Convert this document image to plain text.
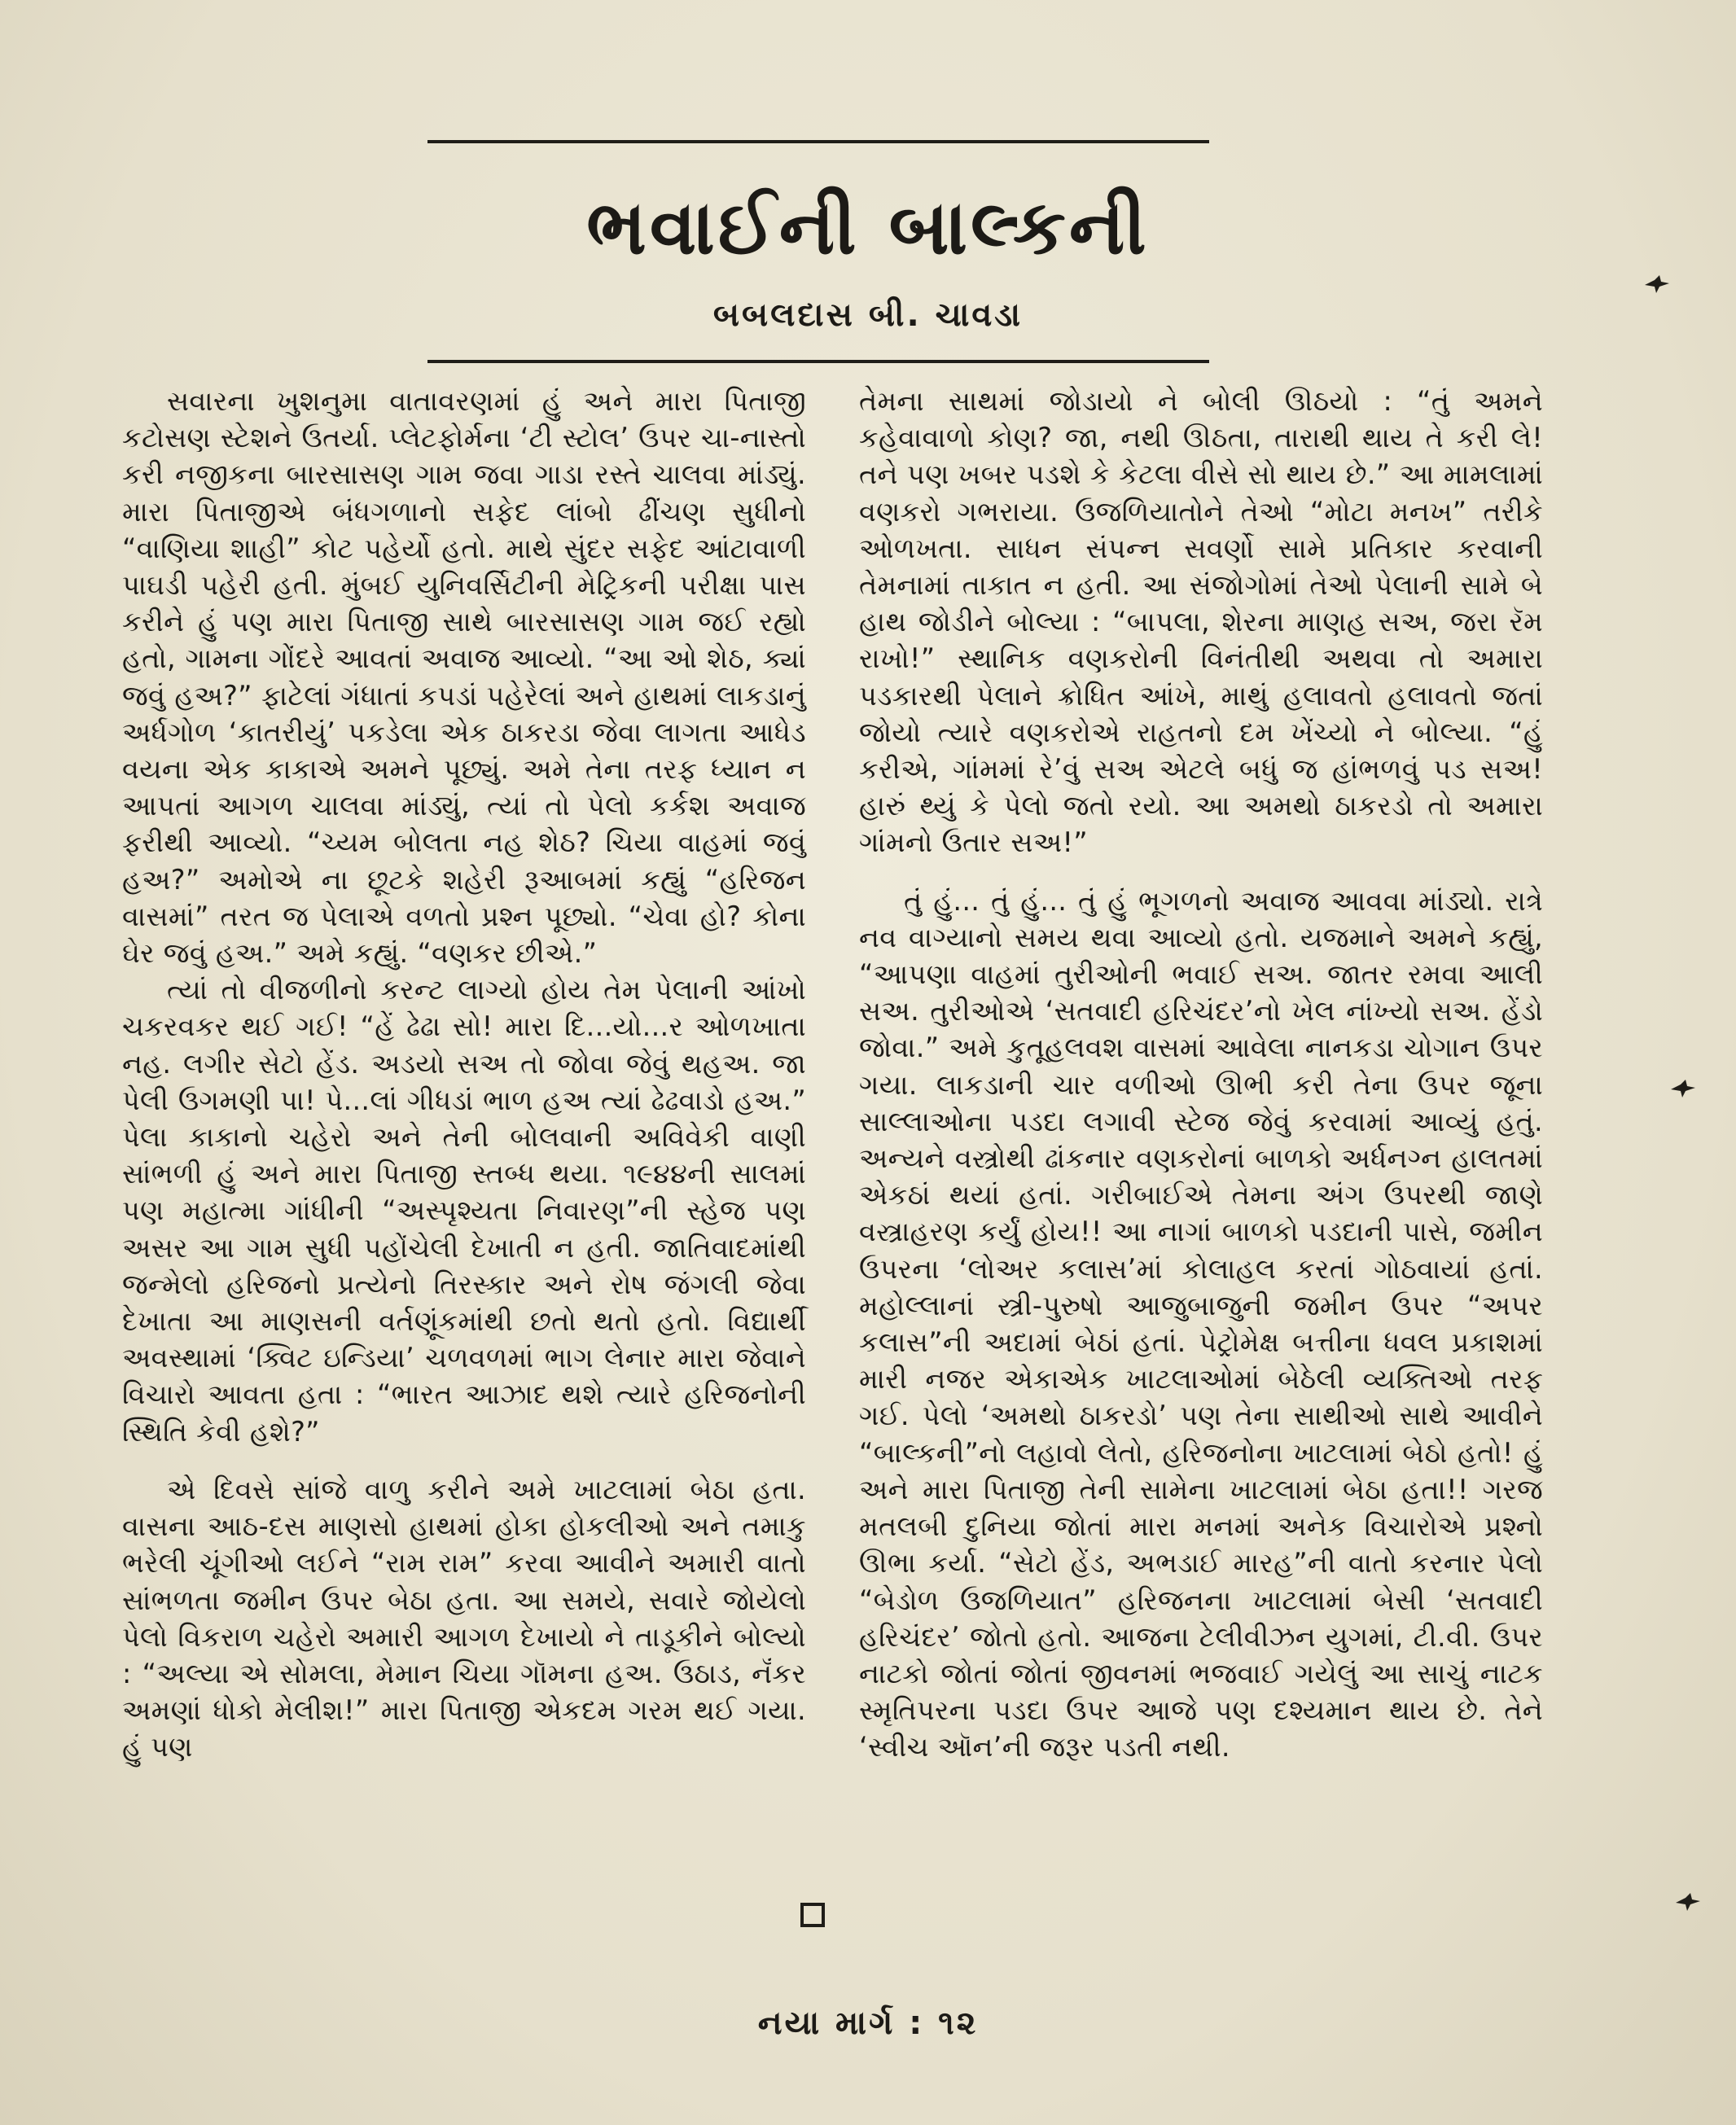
ભવાઈની બાલ્કની
બબલદાસ બી. ચાવડા

સવારના ખુશનુમા વાતાવરણમાં હું અને મારા પિતાજી કટોસણ સ્ટેશને ઉતર્યા. પ્લેટફોર્મના ‘ટી સ્ટોલ’ ઉપર ચા-નાસ્તો કરી નજીકના બારસાસણ ગામ જવા ગાડા રસ્તે ચાલવા માંડ્યું. મારા પિતાજીએ બંધગળાનો સફેદ લાંબો ઢીંચણ સુધીનો “વાણિયા શાહી” કોટ પહેર્યો હતો. માથે સુંદર સફેદ આંટાવાળી પાઘડી પહેરી હતી. મુંબઈ યુનિવર્સિટીની મેટ્રિકની પરીક્ષા પાસ કરીને હું પણ મારા પિતાજી સાથે બારસાસણ ગામ જઈ રહ્યો હતો, ગામના ગોંદરે આવતાં અવાજ આવ્યો. “આ ઓ શેઠ, ક્યાં જવું હઅ?” ફાટેલાં ગંધાતાં કપડાં પહેરેલાં અને હાથમાં લાકડાનું અર્ધગોળ ‘કાતરીયું’ પકડેલા એક ઠાકરડા જેવા લાગતા આધેડ વયના એક કાકાએ અમને પૂછ્યું. અમે તેના તરફ ધ્યાન ન આપતાં આગળ ચાલવા માંડ્યું, ત્યાં તો પેલો કર્કશ અવાજ ફરીથી આવ્યો. “ચ્યમ બોલતા નહ શેઠ? ચિયા વાહમાં જવું હઅ?” અમોએ ના છૂટકે શહેરી રૂઆબમાં કહ્યું “હરિજન વાસમાં” તરત જ પેલાએ વળતો પ્રશ્ન પૂછ્યો. “ચેવા હો? કોના ઘેર જવું હઅ.” અમે કહ્યું. “વણકર છીએ.”

ત્યાં તો વીજળીનો કરન્ટ લાગ્યો હોય તેમ પેલાની આંખો ચકરવકર થઈ ગઈ! “હેં ઢેઢા સો! મારા દિ...યો...ર ઓળખાતા નહ. લગીર સેટો હેંડ. અડયો સઅ તો જોવા જેવું થહઅ. જા પેલી ઉગમણી પા! પે...લાં ગીધડાં ભાળ હઅ ત્યાં ઢેઢવાડો હઅ.” પેલા કાકાનો ચહેરો અને તેની બોલવાની અવિવેકી વાણી સાંભળી હું અને મારા પિતાજી સ્તબ્ધ થયા. ૧૯૪૪ની સાલમાં પણ મહાત્મા ગાંધીની “અસ્પૃશ્યતા નિવારણ”ની સ્હેજ પણ અસર આ ગામ સુધી પહોંચેલી દેખાતી ન હતી. જાતિવાદમાંથી જન્મેલો હરિજનો પ્રત્યેનો તિરસ્કાર અને રોષ જંગલી જેવા દેખાતા આ માણસની વર્તણૂંકમાંથી છતો થતો હતો. વિદ્યાર્થી અવસ્થામાં ‘ક્વિટ ઇન્ડિયા’ ચળવળમાં ભાગ લેનાર મારા જેવાને વિચારો આવતા હતા : “ભારત આઝાદ થશે ત્યારે હરિજનોની સ્થિતિ કેવી હશે?”

એ દિવસે સાંજે વાળુ કરીને અમે ખાટલામાં બેઠા હતા. વાસના આઠ-દસ માણસો હાથમાં હોકા હોકલીઓ અને તમાકુ ભરેલી ચૂંગીઓ લઈને “રામ રામ” કરવા આવીને અમારી વાતો સાંભળતા જમીન ઉપર બેઠા હતા. આ સમયે, સવારે જોયેલો પેલો વિકરાળ ચહેરો અમારી આગળ દેખાયો ને તાડૂકીને બોલ્યો : “અલ્યા એ સોમલા, મેમાન ચિયા ગૉમના હઅ. ઉઠાડ, નૅંકર અમણાં ધોકો મેલીશ!” મારા પિતાજી એકદમ ગરમ થઈ ગયા. હું પણ

તેમના સાથમાં જોડાયો ને બોલી ઊઠયો : “તું અમને કહેવાવાળો કોણ? જા, નથી ઊઠતા, તારાથી થાય તે કરી લે! તને પણ ખબર પડશે કે કેટલા વીસે સો થાય છે.” આ મામલામાં વણકરો ગભરાયા. ઉજળિયાતોને તેઓ “મોટા મનખ” તરીકે ઓળખતા. સાધન સંપન્ન સવર્ણો સામે પ્રતિકાર કરવાની તેમનામાં તાકાત ન હતી. આ સંજોગોમાં તેઓ પેલાની સામે બે હાથ જોડીને બોલ્યા : “બાપલા, શેરના માણહ સઅ, જરા રૅમ રાખો!” સ્થાનિક વણકરોની વિનંતીથી અથવા તો અમારા પડકારથી પેલાને ક્રોધિત આંખે, માથું હલાવતો હલાવતો જતાં જોયો ત્યારે વણકરોએ રાહતનો દમ ખેંચ્યો ને બોલ્યા. “હું કરીએ, ગાંમમાં રે’વું સઅ એટલે બધું જ હાંભળવું પડ સઅ! હારું થ્યું કે પેલો જતો રયો. આ અમથો ઠાકરડો તો અમારા ગાંમનો ઉતાર સઅ!”

તું હું... તું હું... તું હું ભૂગળનો અવાજ આવવા માંડ્યો. રાત્રે નવ વાગ્યાનો સમય થવા આવ્યો હતો. યજમાને અમને કહ્યું, “આપણા વાહમાં તુરીઓની ભવાઈ સઅ. જાતર રમવા આલી સઅ. તુરીઓએ ‘સતવાદી હરિચંદર’નો ખેલ નાંખ્યો સઅ. હેંડો જોવા.” અમે કુતૂહલવશ વાસમાં આવેલા નાનકડા ચોગાન ઉપર ગયા. લાકડાની ચાર વળીઓ ઊભી કરી તેના ઉપર જૂના સાલ્લાઓના પડદા લગાવી સ્ટેજ જેવું કરવામાં આવ્યું હતું. અન્યને વસ્ત્રોથી ઢાંકનાર વણકરોનાં બાળકો અર્ધનગ્ન હાલતમાં એકઠાં થયાં હતાં. ગરીબાઈએ તેમના અંગ ઉપરથી જાણે વસ્ત્રાહરણ કર્યું હોય!! આ નાગાં બાળકો પડદાની પાસે, જમીન ઉપરના ‘લોઅર કલાસ’માં કોલાહલ કરતાં ગોઠવાયાં હતાં. મહોલ્લાનાં સ્ત્રી-પુરુષો આજુબાજુની જમીન ઉપર “અપર કલાસ”ની અદામાં બેઠાં હતાં. પેટ્રોમેક્ષ બત્તીના ધવલ પ્રકાશમાં મારી નજર એકાએક ખાટલાઓમાં બેઠેલી વ્યક્તિઓ તરફ ગઈ. પેલો ‘અમથો ઠાકરડો’ પણ તેના સાથીઓ સાથે આવીને “બાલ્કની”નો લહાવો લેતો, હરિજનોના ખાટલામાં બેઠો હતો! હું અને મારા પિતાજી તેની સામેના ખાટલામાં બેઠા હતા!! ગરજ મતલબી દુનિયા જોતાં મારા મનમાં અનેક વિચારોએ પ્રશ્નો ઊભા કર્યા. “સેટો હેંડ, અભડાઈ મારહ”ની વાતો કરનાર પેલો “બેડોળ ઉજળિયાત” હરિજનના ખાટલામાં બેસી ‘સતવાદી હરિચંદર’ જોતો હતો. આજના ટેલીવીઝન યુગમાં, ટી.વી. ઉપર નાટકો જોતાં જોતાં જીવનમાં ભજવાઈ ગયેલું આ સાચું નાટક સ્મૃતિપરના પડદા ઉપર આજે પણ દશ્યમાન થાય છે. તેને ‘સ્વીચ ઑન’ની જરૂર પડતી નથી.

નયા માર્ગ : ૧૨
